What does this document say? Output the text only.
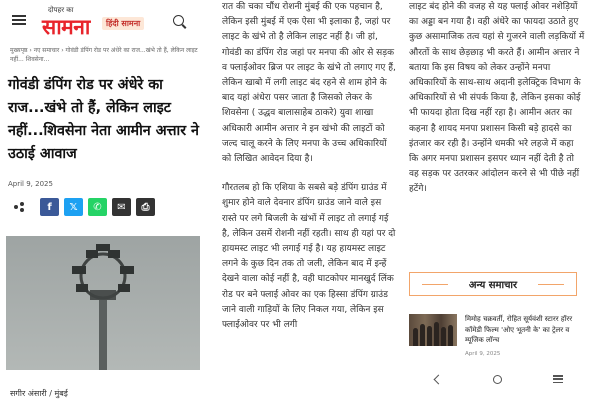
दोपहर का
सामना	हिंदी सामना
मुख्यपृष्ठ › नए समाचार › गोवंडी डंपिंग रोड पर अंधेरे का राज...खंभे तो हैं, लेकिन लाइट नहीं... शिवसेना...
गोवंडी डंपिंग रोड पर अंधेरे का राज...खंभे तो हैं, लेकिन लाइट नहीं...शिवसेना नेता आमीन अत्तार ने उठाई आवाज
April 9, 2025
f	𝕏	✆	✉	⎙
सगीर अंसारी / मुंबई

रात की चका चौंध रोशनी मुंबई की एक पहचान है, लेकिन इसी मुंबई में एक ऐसा भी इलाका है, जहां पर लाइट के खंभे तो है लेकिन लाइट नहीं है। जी हां, गोवंडी का डंपिंग रोड जहां पर मनपा की ओर से सड़क व फ्लाईओवर ब्रिज पर लाइट के खंभे तो लगाए गए हैं, लेकिन खाबो में लगी लाइट बंद रहने से शाम होने के बाद यहां अंधेरा पसर जाता है जिसको लेकर के शिवसेना ( उद्धव बालासाहेब ठाकरे) युवा शाखा अधिकारी आमीन अत्तार ने इन खंभो की लाइटों को जल्द चालू करने के लिए मनपा के उच्च अधिकारियों को लिखित आवेदन दिया है।

गौरतलब हो कि एशिया के सबसे बड़े डंपिंग ग्राउंड में शुमार होने वाले देवनार डंपिंग ग्राउंड जाने वाले इस रास्ते पर लगे बिजली के खंभों में लाइट तो लगाई गई है, लेकिन उसमें रोशनी नहीं रहती। साथ ही यहां पर दो हायमस्ट लाइट भी लगाई गई है। यह हायमस्ट लाइट लगने के कुछ दिन तक तो जली, लेकिन बाद में इन्हें देखने वाला कोई नहीं है, वही घाटकोपर मानखुर्द लिंक रोड पर बने फ्लाई ओवर का एक हिस्सा डंपिंग ग्राउंड जाने वाली गाड़ियों के लिए निकल गया, लेकिन इस फ्लाईओवर पर भी लगी

लाइट बंद होने की वजह से यह फ्लाई ओवर नशेड़ियों का अड्डा बन गया है। वही अंधेरे का फायदा उठाते हुए कुछ असामाजिक तत्व यहां से गुजरने वाली लड़कियों में औरतों के साथ छेड़छाड़ भी करते हैं। आमीन अत्तार ने बताया कि इस विषय को लेकर उन्होंने मनपा अधिकारियों के साथ-साथ अदानी इलेक्ट्रिक विभाग के अधिकारियों से भी संपर्क किया है, लेकिन इसका कोई भी फायदा होता दिख नहीं रहा है। आमीन अतर का कहना है शायद मनपा प्रशासन किसी बड़े हादसे का इंतजार कर रही है। उन्होंने धमकी भरे लहजे में कहा कि अगर मनपा प्रशासन इसपर ध्यान नहीं देती है तो वह सड़क पर उतरकर आंदोलन करने से भी पीछे नहीं हटेंगे।

अन्य समाचार
मिमोह चक्रवर्ती, रोहित सूर्यवंशी स्टारर हॉरर कॉमेडी फिल्म 'ओए भूतनी के' का ट्रेलर व म्यूजिक लॉन्च
April 9, 2025
